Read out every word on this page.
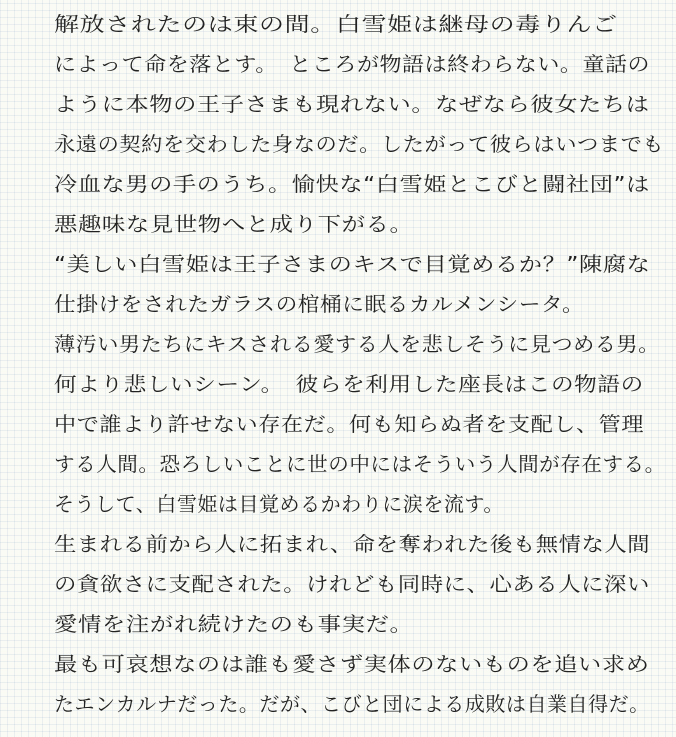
解放されたのは束の間。白雪姫は継母の毒りんご
によって命を落とす。　ところが物語は終わらない。童話の
ように本物の王子さまも現れない。なぜなら彼女たちは
永遠の契約を交わした身なのだ。したがって彼らはいつまでも
冷血な男の手のうち。愉快な“白雪姫とこびと闘社団”は
悪趣味な見世物へと成り下がる。
“美しい白雪姫は王子さまのキスで目覚めるか？”陳腐な
仕掛けをされたガラスの棺桶に眠るカルメンシータ。
薄汚い男たちにキスされる愛する人を悲しそうに見つめる男。
何より悲しいシーン。　彼らを利用した座長はこの物語の
中で誰より許せない存在だ。何も知らぬ者を支配し、管理
する人間。恐ろしいことに世の中にはそういう人間が存在する。
そうして、白雪姫は目覚めるかわりに涙を流す。
生まれる前から人に拓まれ、命を奪われた後も無情な人間
の貪欲さに支配された。けれども同時に、心ある人に深い
愛情を注がれ続けたのも事実だ。
最も可哀想なのは誰も愛さず実体のないものを追い求め
たエンカルナだった。だが、こびと団による成敗は自業自得だ。
